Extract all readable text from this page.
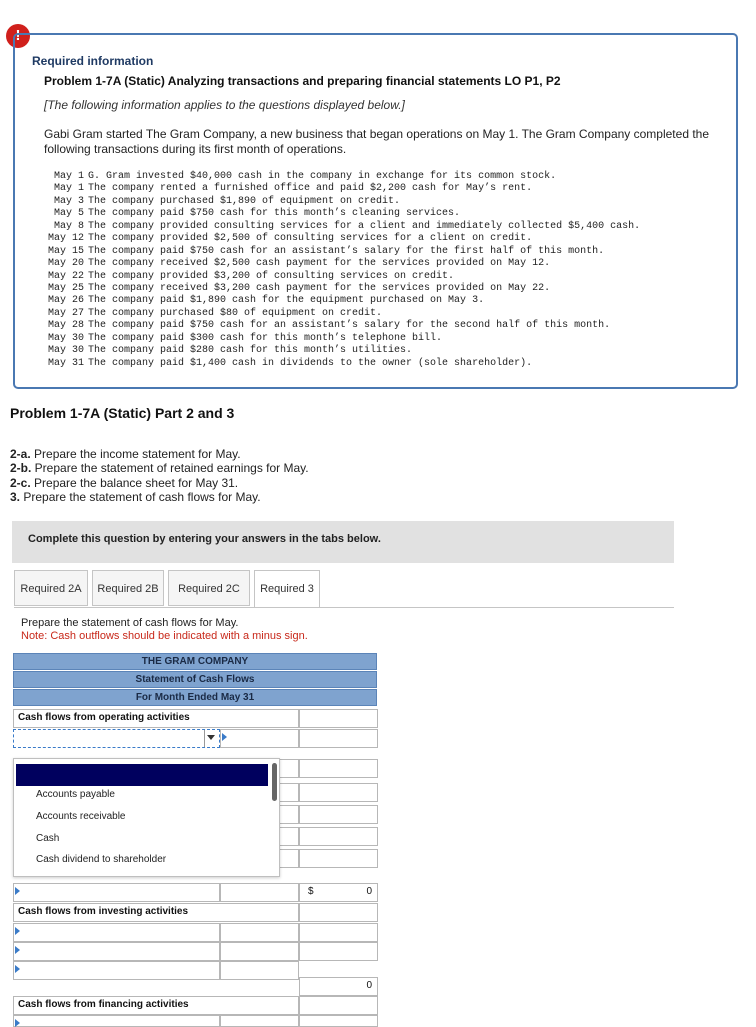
!
Required information
Problem 1-7A (Static) Analyzing transactions and preparing financial statements LO P1, P2
[The following information applies to the questions displayed below.]
Gabi Gram started The Gram Company, a new business that began operations on May 1. The Gram Company completed the following transactions during its first month of operations.
May 1 G. Gram invested $40,000 cash in the company in exchange for its common stock.
May 1 The company rented a furnished office and paid $2,200 cash for May’s rent.
May 3 The company purchased $1,890 of equipment on credit.
May 5 The company paid $750 cash for this month’s cleaning services.
May 8 The company provided consulting services for a client and immediately collected $5,400 cash.
May 12 The company provided $2,500 of consulting services for a client on credit.
May 15 The company paid $750 cash for an assistant’s salary for the first half of this month.
May 20 The company received $2,500 cash payment for the services provided on May 12.
May 22 The company provided $3,200 of consulting services on credit.
May 25 The company received $3,200 cash payment for the services provided on May 22.
May 26 The company paid $1,890 cash for the equipment purchased on May 3.
May 27 The company purchased $80 of equipment on credit.
May 28 The company paid $750 cash for an assistant’s salary for the second half of this month.
May 30 The company paid $300 cash for this month’s telephone bill.
May 30 The company paid $280 cash for this month’s utilities.
May 31 The company paid $1,400 cash in dividends to the owner (sole shareholder).
Problem 1-7A (Static) Part 2 and 3
2-a. Prepare the income statement for May.
2-b. Prepare the statement of retained earnings for May.
2-c. Prepare the balance sheet for May 31.
3. Prepare the statement of cash flows for May.
Complete this question by entering your answers in the tabs below.
Required 2A	Required 2B	Required 2C	Required 3
Prepare the statement of cash flows for May.
Note: Cash outflows should be indicated with a minus sign.
THE GRAM COMPANY
Statement of Cash Flows
For Month Ended May 31
Cash flows from operating activities
$	0
Cash flows from investing activities
0
Cash flows from financing activities
Accounts payable
Accounts receivable
Cash
Cash dividend to shareholder
